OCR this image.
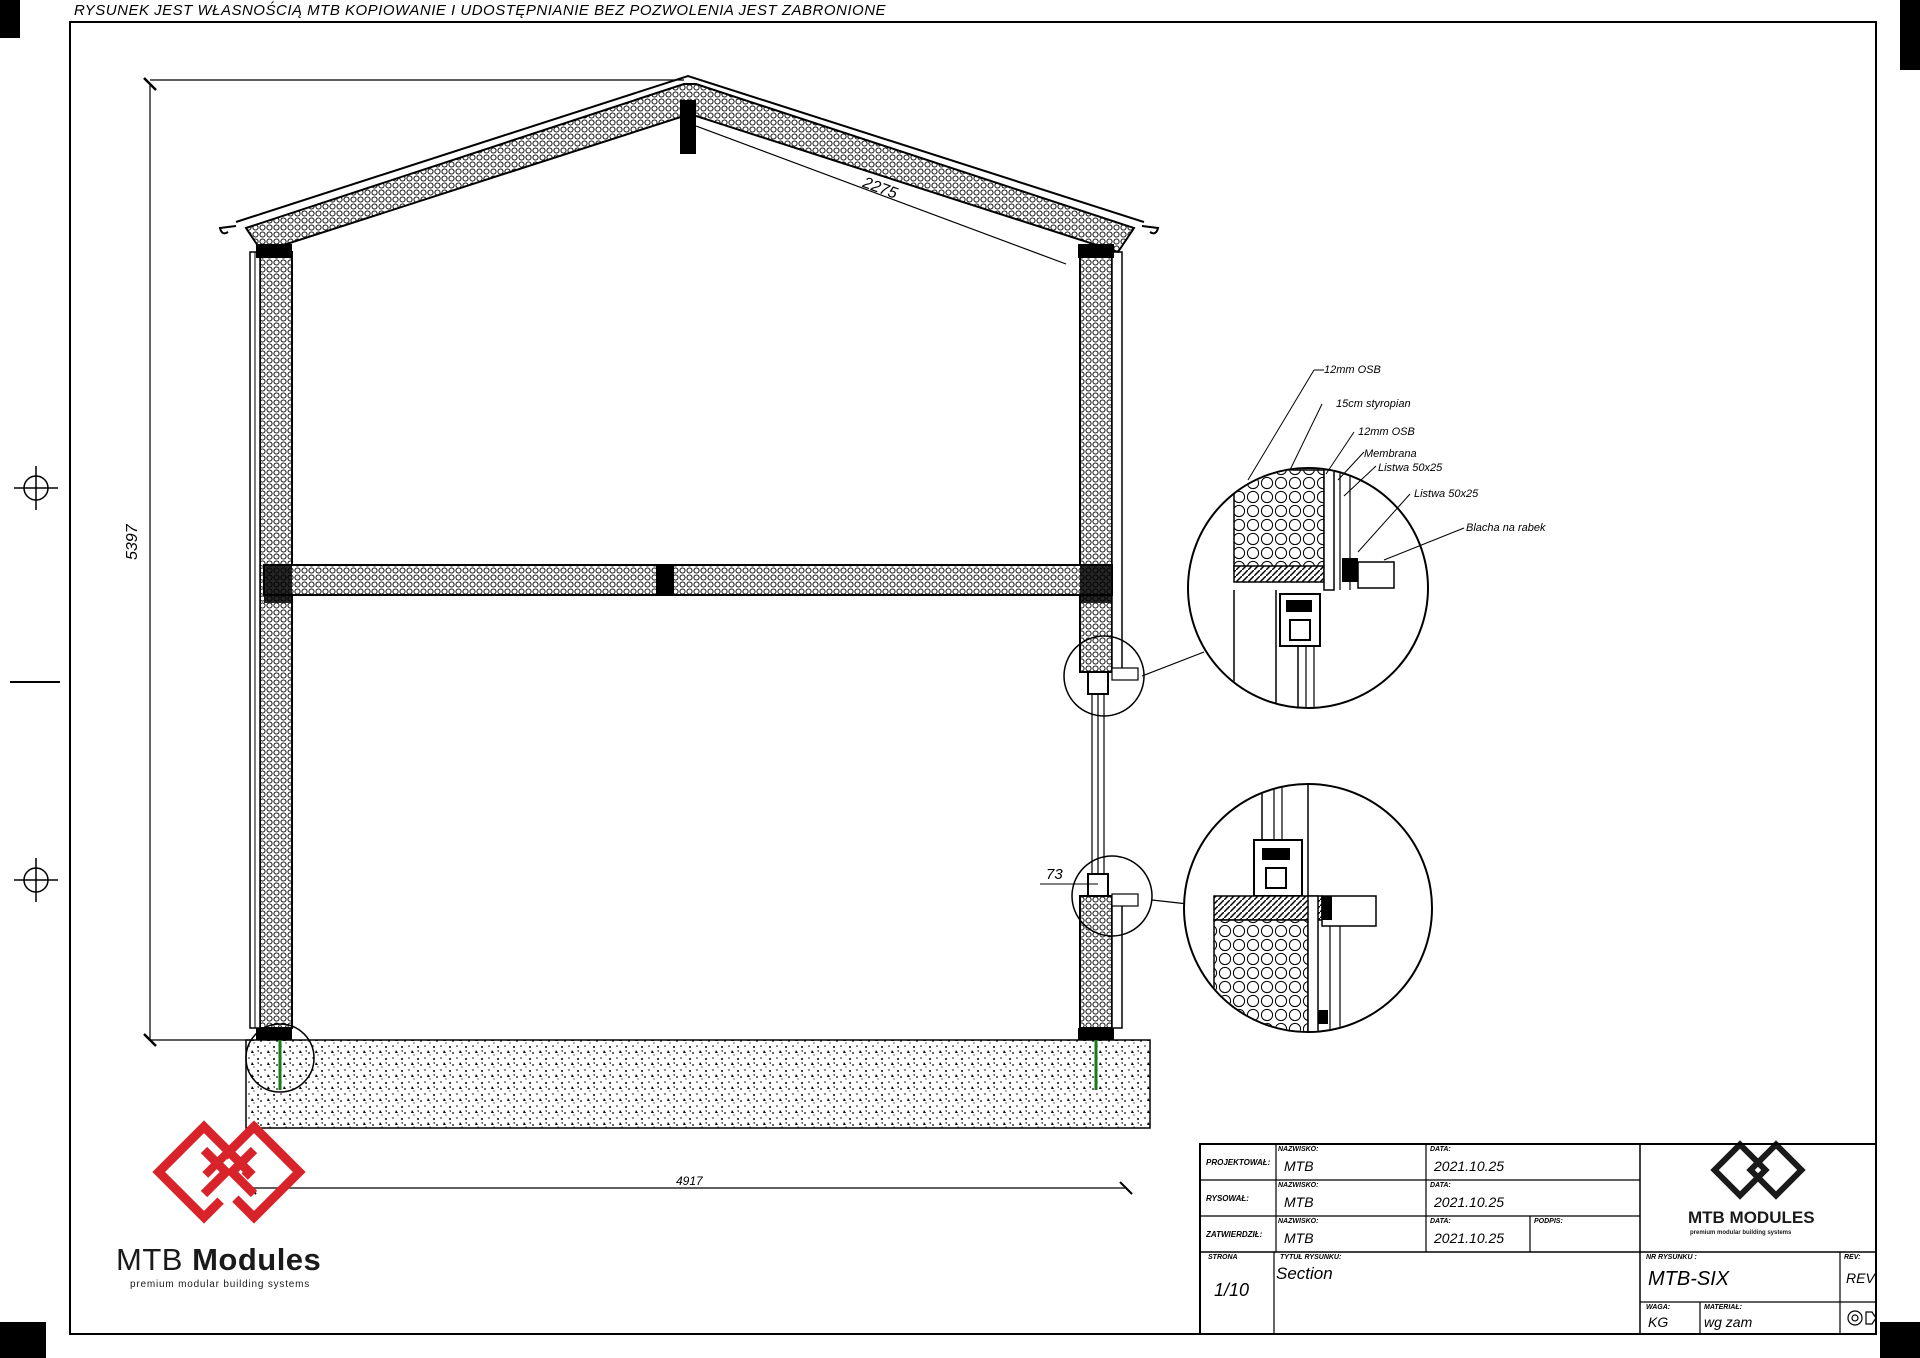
RYSUNEK JEST WŁASNOŚCIĄ MTB KOPIOWANIE I UDOSTĘPNIANIE BEZ POZWOLENIA JEST ZABRONIONE
5397
2275
4917
73
12mm OSB
15cm styropian
12mm OSB
Membrana
Listwa 50x25
Listwa 50x25
Blacha na rabek
MTB Modules
premium modular building systems
MTB MODULES
premium modular building systems
PROJEKTOWAŁ:
RYSOWAŁ:
ZATWIERDZIŁ:
NAZWISKO:
NAZWISKO:
NAZWISKO:
MTB
MTB
MTB
DATA:
DATA:
DATA:
2021.10.25
2021.10.25
2021.10.25
PODPIS:
STRONA
1/10
TYTUŁ RYSUNKU:
Section
NR RYSUNKU :
MTB-SIX
REV:
REV
WAGA:
KG
MATERIAŁ:
wg zam
